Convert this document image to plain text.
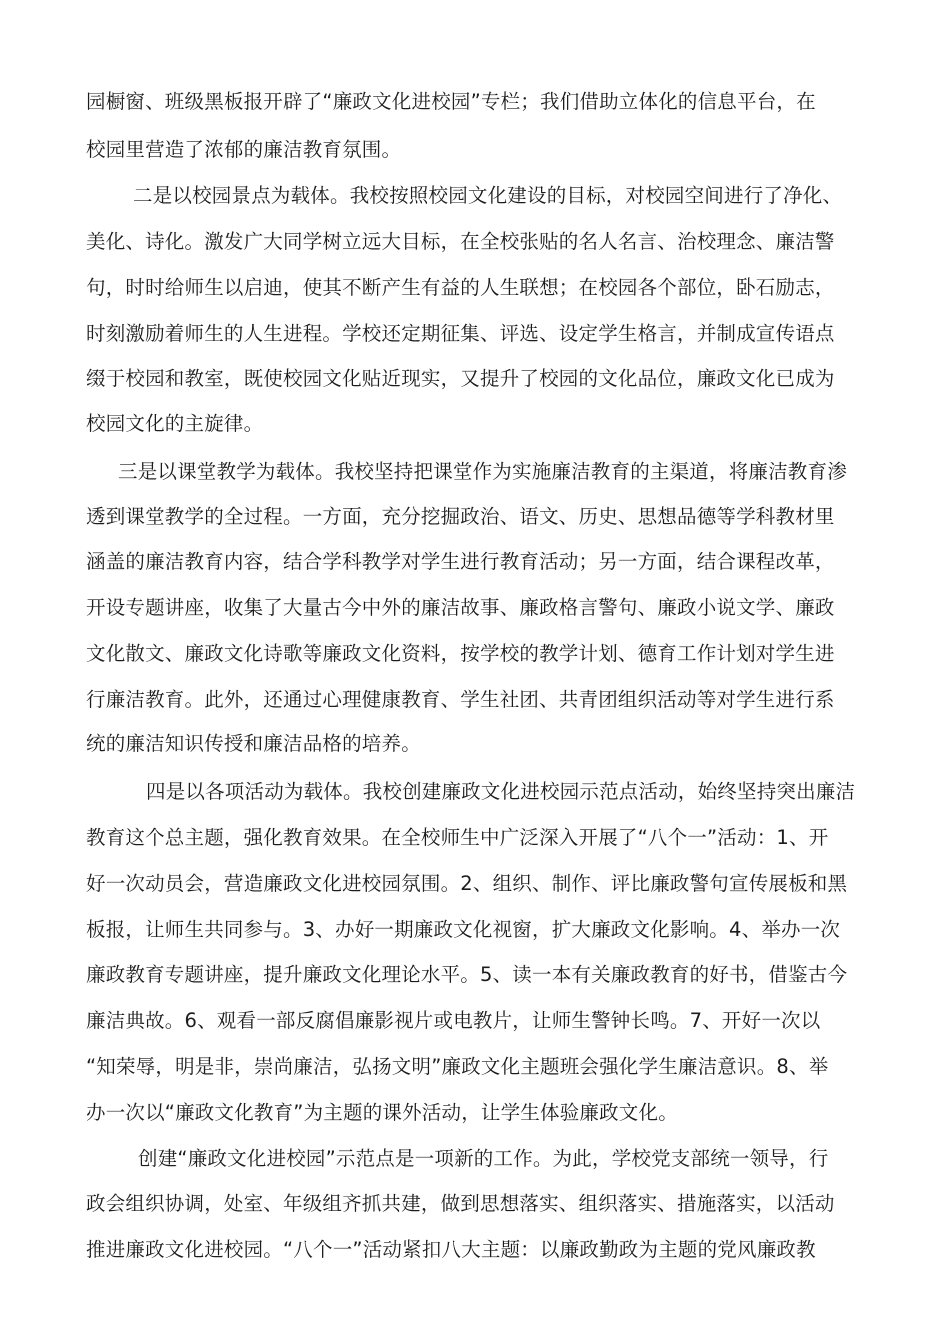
园橱窗、班级黑板报开辟了“廉政文化进校园”专栏；我们借助立体化的信息平台，在
校园里营造了浓郁的廉洁教育氛围。
二是以校园景点为载体。我校按照校园文化建设的目标，对校园空间进行了净化、
美化、诗化。激发广大同学树立远大目标，在全校张贴的名人名言、治校理念、廉洁警
句，时时给师生以启迪，使其不断产生有益的人生联想；在校园各个部位，卧石励志，
时刻激励着师生的人生进程。学校还定期征集、评选、设定学生格言，并制成宣传语点
缀于校园和教室，既使校园文化贴近现实，又提升了校园的文化品位，廉政文化已成为
校园文化的主旋律。
三是以课堂教学为载体。我校坚持把课堂作为实施廉洁教育的主渠道，将廉洁教育渗
透到课堂教学的全过程。一方面，充分挖掘政治、语文、历史、思想品德等学科教材里
涵盖的廉洁教育内容，结合学科教学对学生进行教育活动；另一方面，结合课程改革，
开设专题讲座，收集了大量古今中外的廉洁故事、廉政格言警句、廉政小说文学、廉政
文化散文、廉政文化诗歌等廉政文化资料，按学校的教学计划、德育工作计划对学生进
行廉洁教育。此外，还通过心理健康教育、学生社团、共青团组织活动等对学生进行系
统的廉洁知识传授和廉洁品格的培养。
四是以各项活动为载体。我校创建廉政文化进校园示范点活动，始终坚持突出廉洁
教育这个总主题，强化教育效果。在全校师生中广泛深入开展了“八个一”活动：1、开
好一次动员会，营造廉政文化进校园氛围。2、组织、制作、评比廉政警句宣传展板和黑
板报，让师生共同参与。3、办好一期廉政文化视窗，扩大廉政文化影响。4、举办一次
廉政教育专题讲座，提升廉政文化理论水平。5、读一本有关廉政教育的好书，借鉴古今
廉洁典故。6、观看一部反腐倡廉影视片或电教片，让师生警钟长鸣。7、开好一次以
“知荣辱，明是非，崇尚廉洁，弘扬文明”廉政文化主题班会强化学生廉洁意识。8、举
办一次以“廉政文化教育”为主题的课外活动，让学生体验廉政文化。
创建“廉政文化进校园”示范点是一项新的工作。为此，学校党支部统一领导，行
政会组织协调，处室、年级组齐抓共建，做到思想落实、组织落实、措施落实，以活动
推进廉政文化进校园。“八个一”活动紧扣八大主题：以廉政勤政为主题的党风廉政教
